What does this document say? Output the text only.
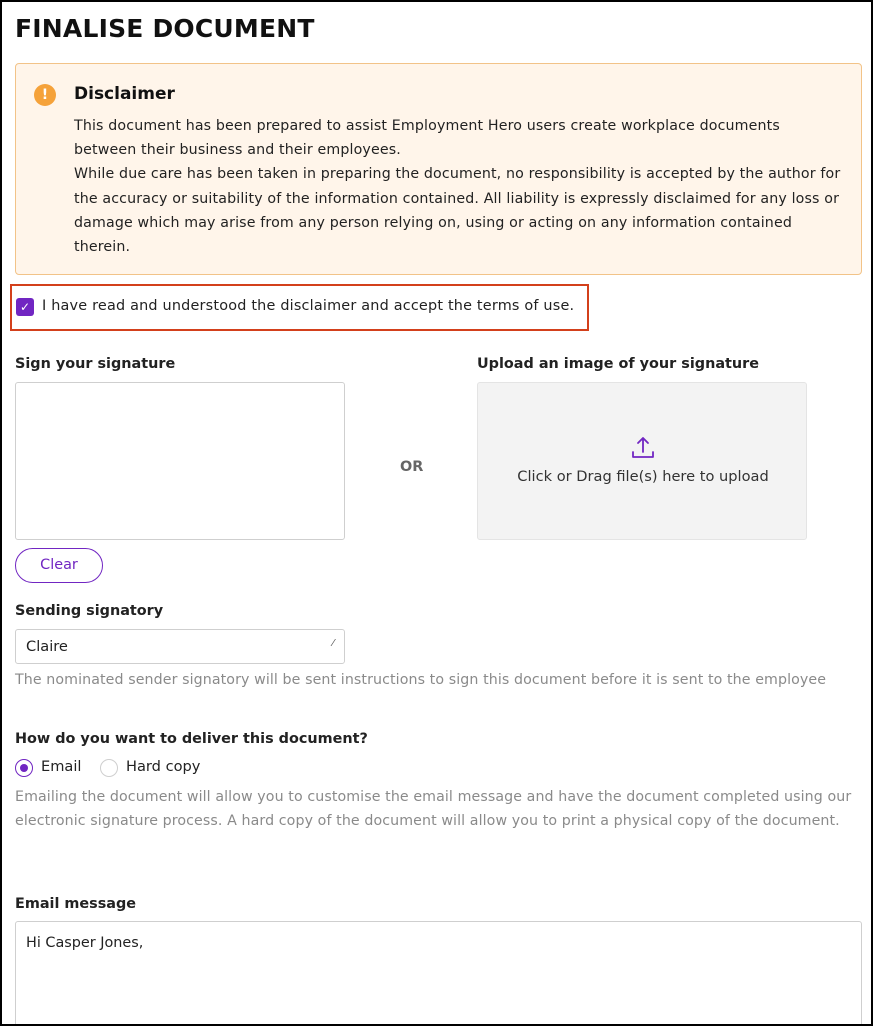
FINALISE DOCUMENT
!	Disclaimer

This document has been prepared to assist Employment Hero users create workplace documents between their business and their employees.

While due care has been taken in preparing the document, no responsibility is accepted by the author for the accuracy or suitability of the information contained. All liability is expressly disclaimed for any loss or damage which may arise from any person relying on, using or acting on any information contained therein.

✓ I have read and understood the disclaimer and accept the terms of use.
Sign your signature	Upload an image of your signature
OR
Click or Drag file(s) here to upload
Clear
Sending signatory
Claire	⁄
The nominated sender signatory will be sent instructions to sign this document before it is sent to the employee
How do you want to deliver this document?
Email	Hard copy
Emailing the document will allow you to customise the email message and have the document completed using our electronic signature process. A hard copy of the document will allow you to print a physical copy of the document.
Email message
Hi Casper Jones,
